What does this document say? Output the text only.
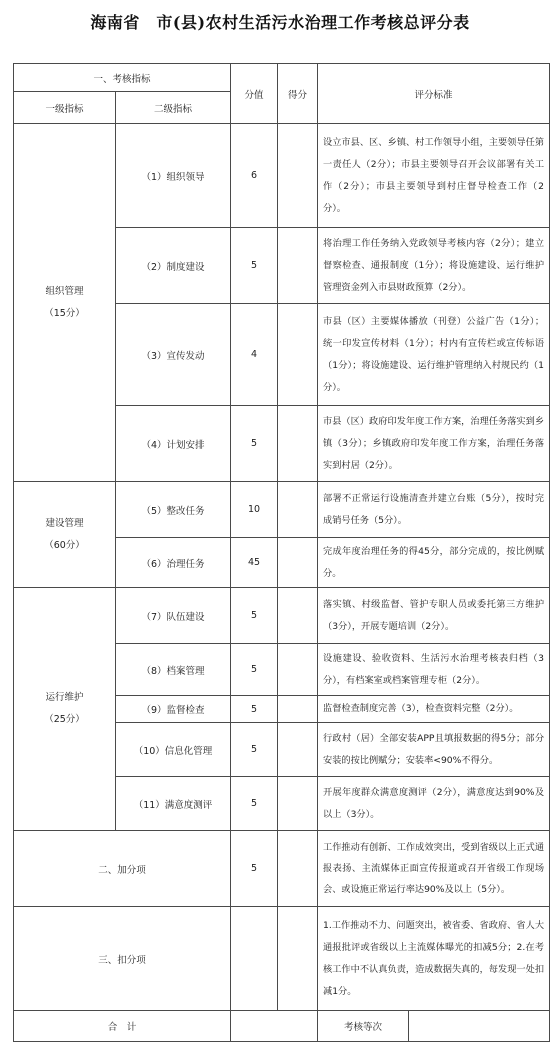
海南省　市(县)农村生活污水治理工作考核总评分表
一、考核指标		分值	得分	评分标准
一级指标	二级指标			

组织管理
（15分）	（1）组织领导	6		设立市县、区、乡镇、村工作领导小组，主要领导任第一责任人（2分）；市县主要领导召开会议部署有关工作（2分）；市县主要领导到村庄督导检查工作（2分）。
	（2）制度建设	5		将治理工作任务纳入党政领导考核内容（2分）；建立督察检查、通报制度（1分）；将设施建设、运行维护管理资金列入市县财政预算（2分）。
	（3）宣传发动	4		市县（区）主要媒体播放（刊登）公益广告（1分）；统一印发宣传材料（1分）；村内有宣传栏或宣传标语（1分）；将设施建设、运行维护管理纳入村规民约（1分）。
	（4）计划安排	5		市县（区）政府印发年度工作方案，治理任务落实到乡镇（3分）；乡镇政府印发年度工作方案，治理任务落实到村居（2分）。

建设管理
（60分）	（5）整改任务	10		部署不正常运行设施清查并建立台账（5分），按时完成销号任务（5分）。
	（6）治理任务	45		完成年度治理任务的得45分，部分完成的，按比例赋分。

运行维护
（25分）	（7）队伍建设	5		落实镇、村级监督、管护专职人员或委托第三方维护（3分），开展专题培训（2分）。
	（8）档案管理	5		设施建设、验收资料、生活污水治理考核表归档（3分），有档案室或档案管理专柜（2分）。
	（9）监督检查	5		监督检查制度完善（3），检查资料完整（2分）。
	（10）信息化管理	5		行政村（居）全部安装APP且填报数据的得5分；部分安装的按比例赋分；安装率<90%不得分。
	（11）满意度测评	5		开展年度群众满意度测评（2分），满意度达到90%及以上（3分）。
二、加分项		5		工作推动有创新、工作成效突出，受到省级以上正式通报表扬、主流媒体正面宣传报道或召开省级工作现场会、或设施正常运行率达90%及以上（5分）。
三、扣分项				1.工作推动不力、问题突出，被省委、省政府、省人大通报批评或省级以上主流媒体曝光的扣减5分；2.在考核工作中不认真负责，造成数据失真的，每发现一处扣减1分。
合　计				考核等次
